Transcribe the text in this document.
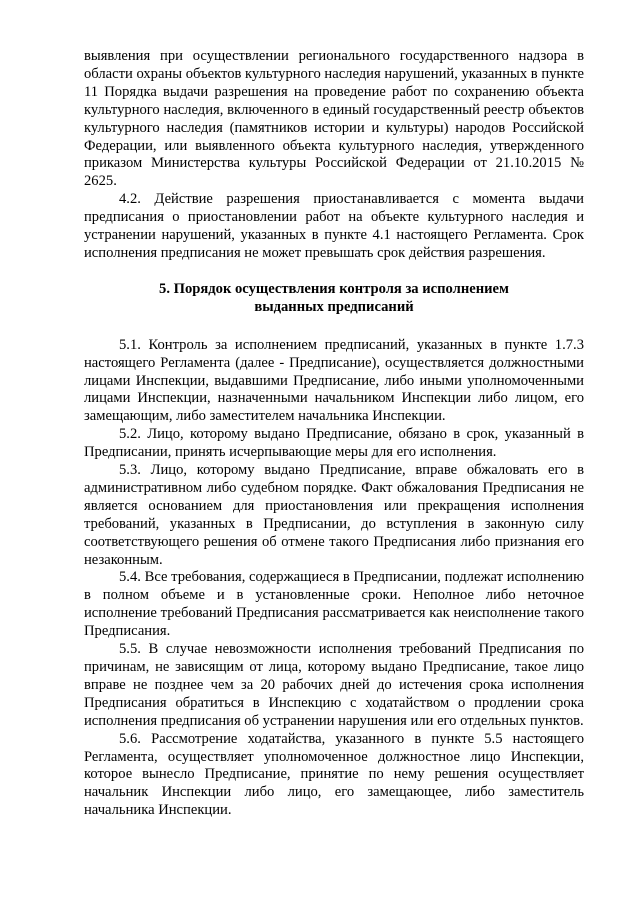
выявления при осуществлении регионального государственного надзора в области охраны объектов культурного наследия нарушений, указанных в пункте 11 Порядка выдачи разрешения на проведение работ по сохранению объекта культурного наследия, включенного в единый государственный реестр объектов культурного наследия (памятников истории и культуры) народов Российской Федерации, или выявленного объекта культурного наследия, утвержденного приказом Министерства культуры Российской Федерации от 21.10.2015 № 2625.

4.2. Действие разрешения приостанавливается с момента выдачи предписания о приостановлении работ на объекте культурного наследия и устранении нарушений, указанных в пункте 4.1 настоящего Регламента. Срок исполнения предписания не может превышать срок действия разрешения.

5. Порядок осуществления контроля за исполнением выданных предписаний

5.1. Контроль за исполнением предписаний, указанных в пункте 1.7.3 настоящего Регламента (далее - Предписание), осуществляется должностными лицами Инспекции, выдавшими Предписание, либо иными уполномоченными лицами Инспекции, назначенными начальником Инспекции либо лицом, его замещающим, либо заместителем начальника Инспекции.

5.2. Лицо, которому выдано Предписание, обязано в срок, указанный в Предписании, принять исчерпывающие меры для его исполнения.

5.3. Лицо, которому выдано Предписание, вправе обжаловать его в административном либо судебном порядке. Факт обжалования Предписания не является основанием для приостановления или прекращения исполнения требований, указанных в Предписании, до вступления в законную силу соответствующего решения об отмене такого Предписания либо признания его незаконным.

5.4. Все требования, содержащиеся в Предписании, подлежат исполнению в полном объеме и в установленные сроки. Неполное либо неточное исполнение требований Предписания рассматривается как неисполнение такого Предписания.

5.5. В случае невозможности исполнения требований Предписания по причинам, не зависящим от лица, которому выдано Предписание, такое лицо вправе не позднее чем за 20 рабочих дней до истечения срока исполнения Предписания обратиться в Инспекцию с ходатайством о продлении срока исполнения предписания об устранении нарушения или его отдельных пунктов.

5.6. Рассмотрение ходатайства, указанного в пункте 5.5 настоящего Регламента, осуществляет уполномоченное должностное лицо Инспекции, которое вынесло Предписание, принятие по нему решения осуществляет начальник Инспекции либо лицо, его замещающее, либо заместитель начальника Инспекции.
